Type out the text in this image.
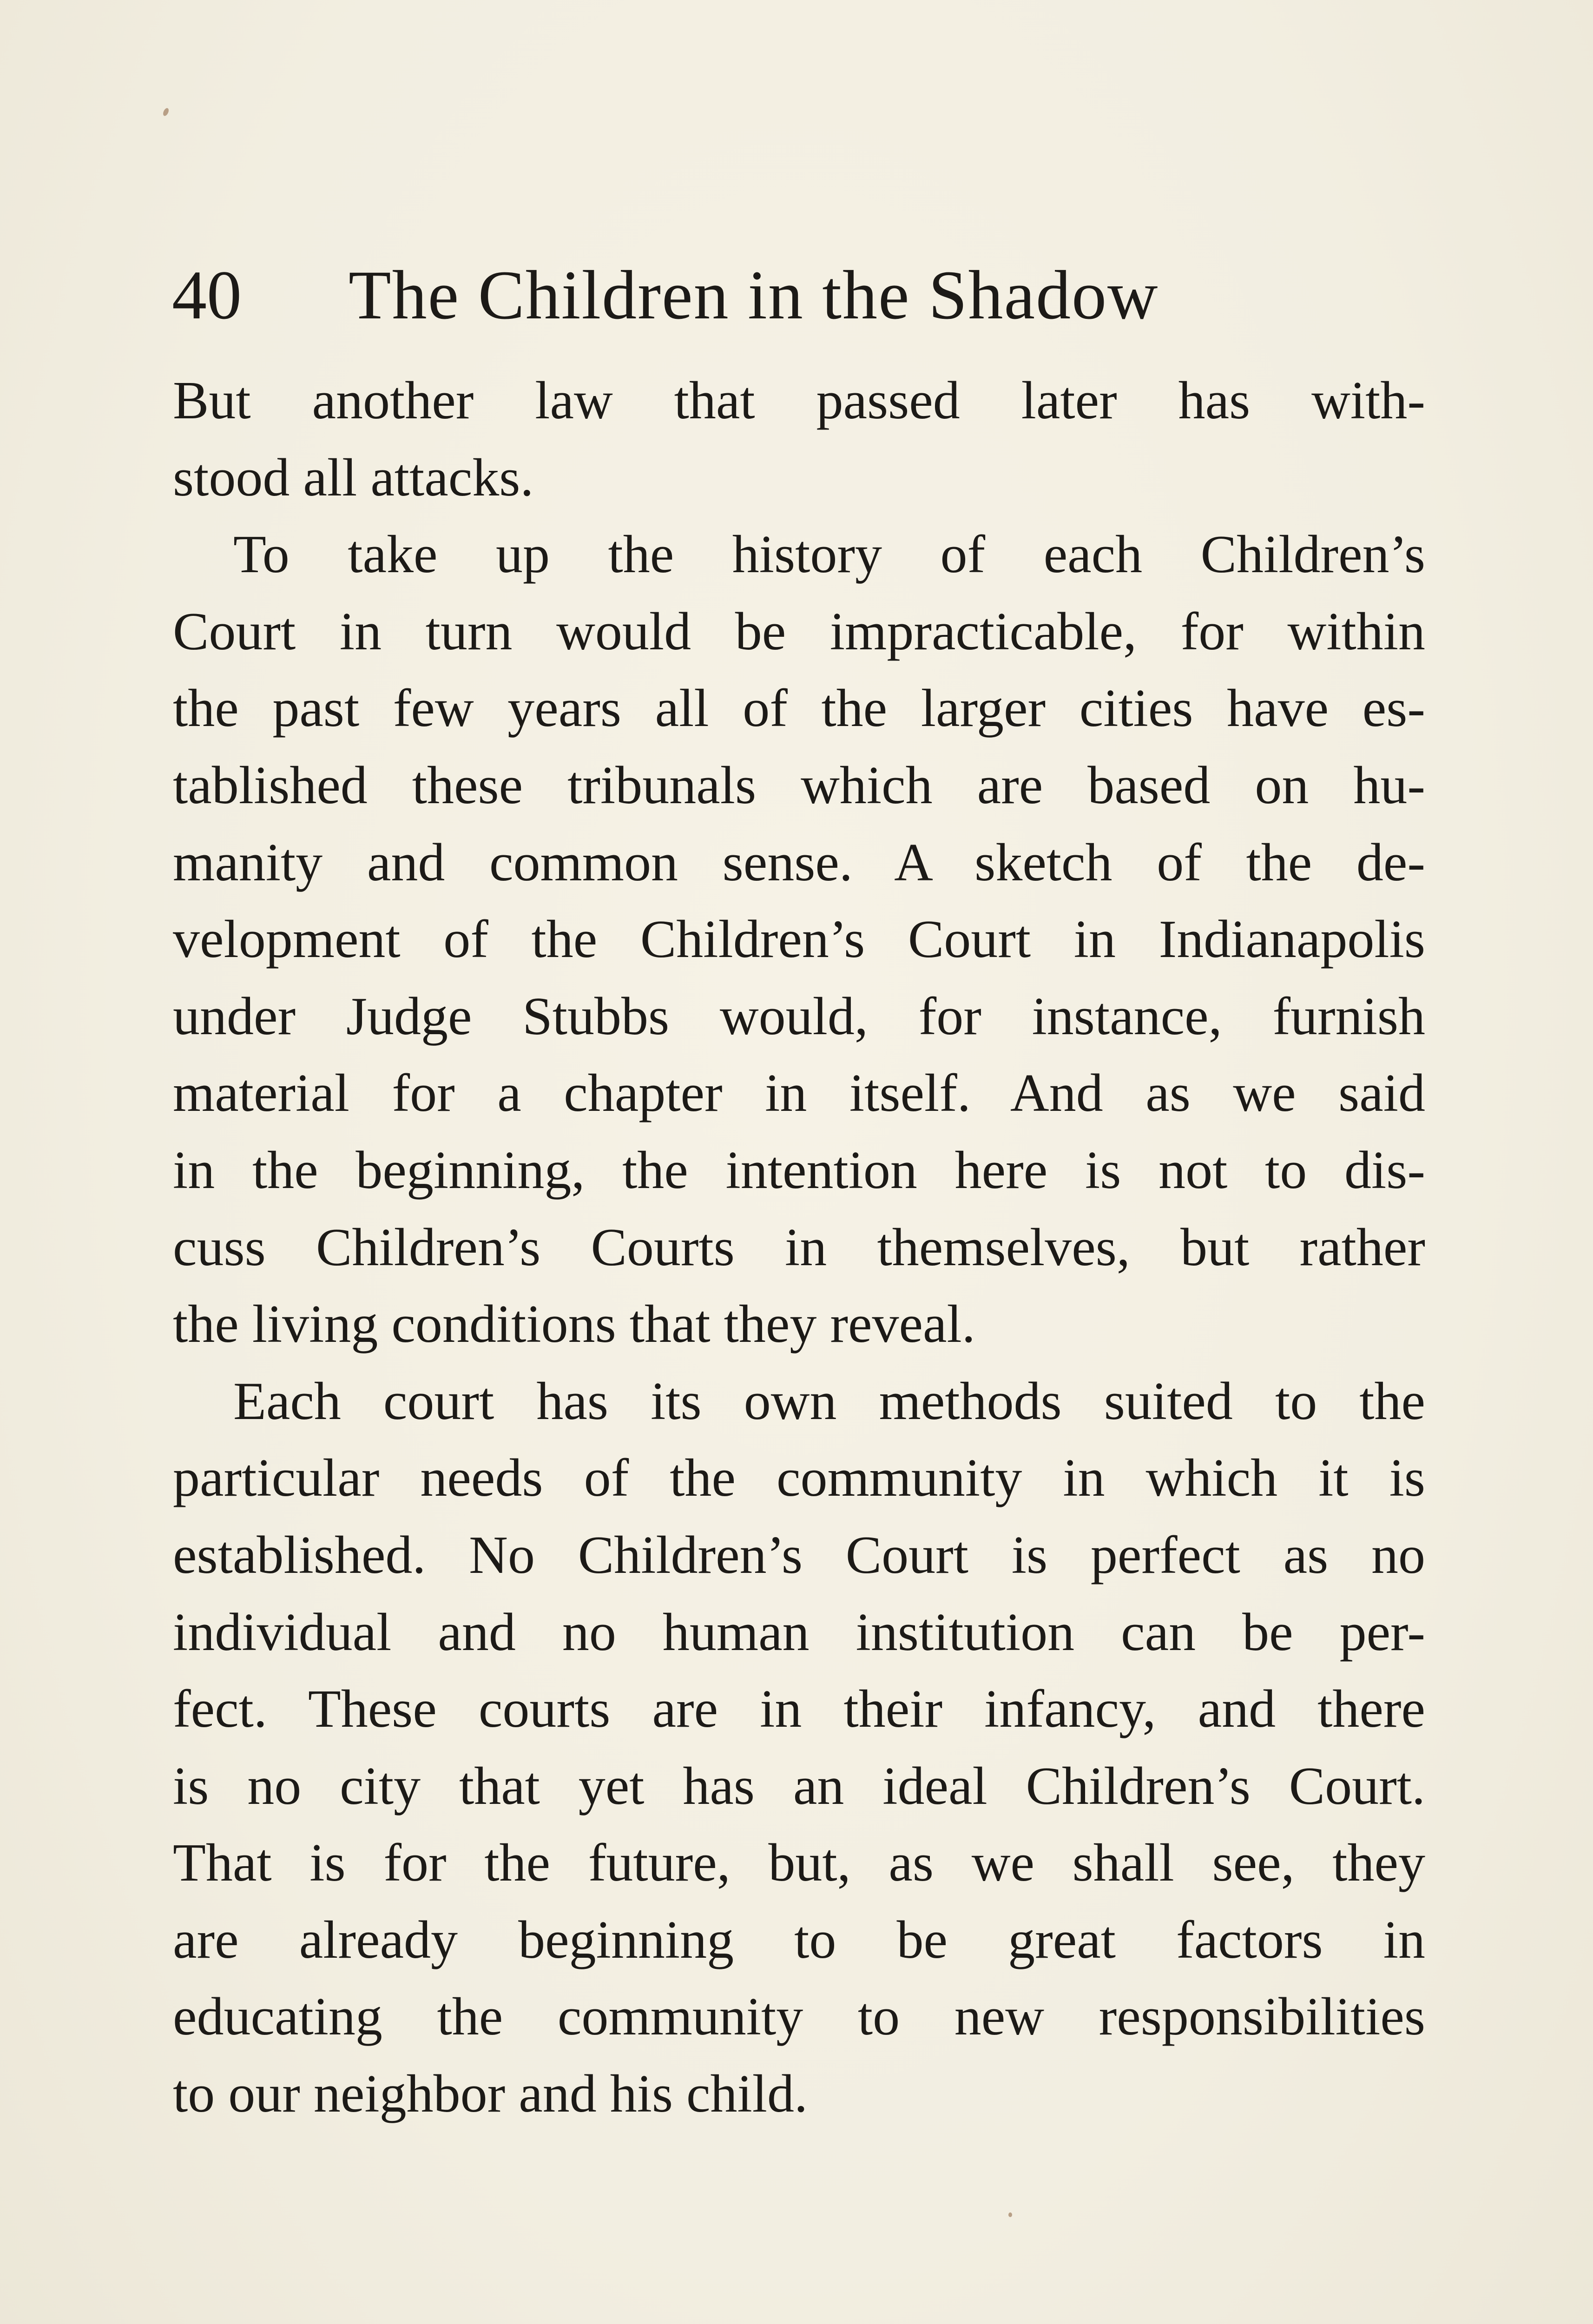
40 The Children in the Shadow
But another law that passed later has with-
stood all attacks.
To take up the history of each Children’s
Court in turn would be impracticable, for within
the past few years all of the larger cities have es-
tablished these tribunals which are based on hu-
manity and common sense. A sketch of the de-
velopment of the Children’s Court in Indianapolis
under Judge Stubbs would, for instance, furnish
material for a chapter in itself. And as we said
in the beginning, the intention here is not to dis-
cuss Children’s Courts in themselves, but rather
the living conditions that they reveal.
Each court has its own methods suited to the
particular needs of the community in which it is
established. No Children’s Court is perfect as no
individual and no human institution can be per-
fect. These courts are in their infancy, and there
is no city that yet has an ideal Children’s Court.
That is for the future, but, as we shall see, they
are already beginning to be great factors in
educating the community to new responsibilities
to our neighbor and his child.
